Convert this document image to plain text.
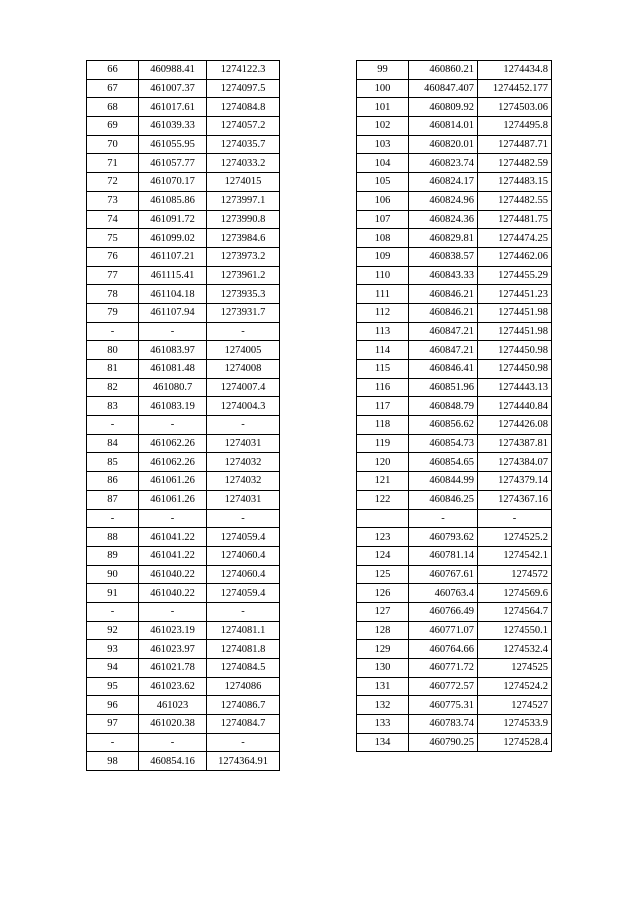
66	460988.41	1274122.3
67	461007.37	1274097.5
68	461017.61	1274084.8
69	461039.33	1274057.2
70	461055.95	1274035.7
71	461057.77	1274033.2
72	461070.17	1274015
73	461085.86	1273997.1
74	461091.72	1273990.8
75	461099.02	1273984.6
76	461107.21	1273973.2
77	461115.41	1273961.2
78	461104.18	1273935.3
79	461107.94	1273931.7
-	-	-
80	461083.97	1274005
81	461081.48	1274008
82	461080.7	1274007.4
83	461083.19	1274004.3
-	-	-
84	461062.26	1274031
85	461062.26	1274032
86	461061.26	1274032
87	461061.26	1274031
-	-	-
88	461041.22	1274059.4
89	461041.22	1274060.4
90	461040.22	1274060.4
91	461040.22	1274059.4
-	-	-
92	461023.19	1274081.1
93	461023.97	1274081.8
94	461021.78	1274084.5
95	461023.62	1274086
96	461023	1274086.7
97	461020.38	1274084.7
-	-	-
98	460854.16	1274364.91
99	460860.21	1274434.8
100	460847.407	1274452.177
101	460809.92	1274503.06
102	460814.01	1274495.8
103	460820.01	1274487.71
104	460823.74	1274482.59
105	460824.17	1274483.15
106	460824.96	1274482.55
107	460824.36	1274481.75
108	460829.81	1274474.25
109	460838.57	1274462.06
110	460843.33	1274455.29
111	460846.21	1274451.23
112	460846.21	1274451.98
113	460847.21	1274451.98
114	460847.21	1274450.98
115	460846.41	1274450.98
116	460851.96	1274443.13
117	460848.79	1274440.84
118	460856.62	1274426.08
119	460854.73	1274387.81
120	460854.65	1274384.07
121	460844.99	1274379.14
122	460846.25	1274367.16
	-	-
123	460793.62	1274525.2
124	460781.14	1274542.1
125	460767.61	1274572
126	460763.4	1274569.6
127	460766.49	1274564.7
128	460771.07	1274550.1
129	460764.66	1274532.4
130	460771.72	1274525
131	460772.57	1274524.2
132	460775.31	1274527
133	460783.74	1274533.9
134	460790.25	1274528.4
